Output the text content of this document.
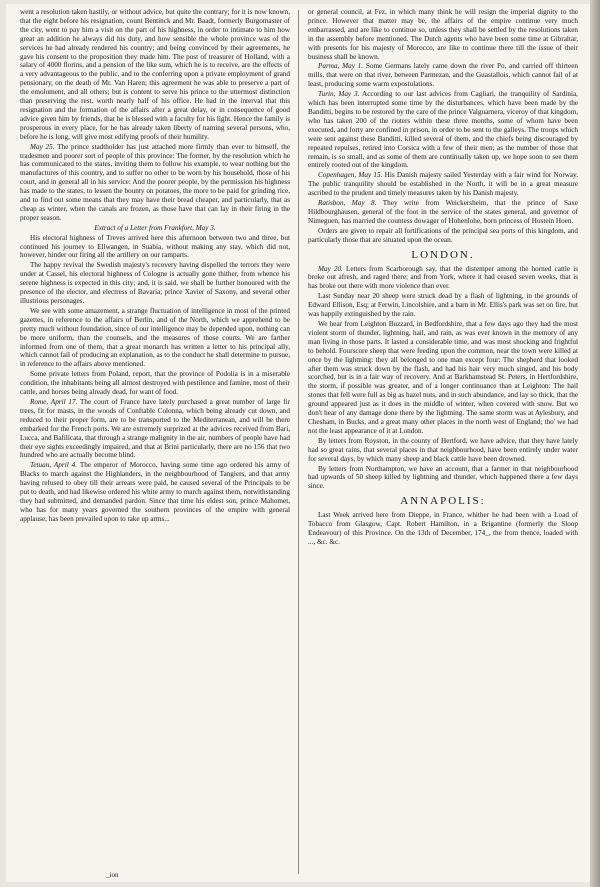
went a resolution taken hastily, or without advice, but quite the contrary; for it is now known, that the eight before his resignation, count Bentinck and Mr. Baadt, formerly Burgomaster of the city, went to pay him a visit on the part of his highness, in order to intimate to him how great an addition he always did his duty, and how sensible the whole province was of the services he had already rendered his country; and being convinced by their agreements, he gave his consent to the proposition they made him. The post of treasurer of Holland, with a salary of 4000 florins, and a pension of the like sum, which he is to receive, are the effects of a very advantageous to the public, and to the conferring upon a private employment of grand pensionary, on the death of Mr. Van Haren; this agreement he was able to preserve a part of the emolument, and all others; but is content to serve his prince to the uttermost distinction than preserving the rest, worth nearly half of his office. He had in the interval that this resignation and the formation of the affairs after a great delay, or in consequence of good advice given him by friends, that he is blessed with a faculty for his light. Hence the family is prosperous in every place, for he has already taken liberty of naming several persons, who, before he is long, will give most edifying proofs of their humility.

May 25. The prince stadtholder has just attached more firmly than ever to himself, the tradesmen and poorer sort of people of this province: The former, by the resolution which he has communicated to the states, inviting them to follow his example, to wear nothing but the manufactures of this country, and to suffer no other to be worn by his household, those of his court, and in general all in his service: And the poorer people, by the permission his highness has made to the states, to lessen the bounty on potatoes, the more to be paid for grinding rice, and to find out some means that they may have their bread cheaper, and particularly, that as cheap as winter, when the canals are frozen, as those have that can lay in their firing in the proper season.

Extract of a Letter from Frankfort, May 3.

His electoral highness of Treves arrived here this afternoon between two and three, but continued his journey to Ellwangen, in Suabia, without making any stay, which did not, however, hinder our firing all the artillery on our ramparts.

The happy revival the Swedish majesty's recovery having dispelled the terrors they were under at Cassel, his electoral highness of Cologne is actually gone thither, from whence his serene highness is expected in this city; and, it is said, we shall be further honoured with the presence of the elector, and electress of Bavaria; prince Xavier of Saxony, and several other illustrious personages.

We see with some amazement, a strange fluctuation of intelligence in most of the printed gazettes, in reference to the affairs of Berlin, and of the North, which we apprehend to be pretty much without foundation, since of our intelligence may be depended upon, nothing can be more uniform, than the counsels, and the measures of those courts. We are farther informed from one of them, that a great monarch has written a letter to his principal ally, which cannot fail of producing an explanation, as to the conduct he shall determine to pursue, in reference to the affairs above mentioned.

Some private letters from Poland, report, that the province of Podolia is in a miserable condition, the inhabitants being all almost destroyed with pestilence and famine, most of their cattle, and horses being already dead, for want of food.

Rome, April 17. The court of France have lately purchased a great number of large fir trees, fit for masts, in the woods of Conftable Colonna, which being already cut down, and reduced to their proper form, are to be transported to the Mediterranean, and will be there embarked for the French ports. We are extremely surprized at the advices received from Bari, Lucca, and Bafilicata, that through a strange malignity in the air, numbers of people have had their eye sights exceedingly impaired, and that at Brini particularly, there are no 156 that two hundred who are actually become blind.

Tetuan, April 4. The emperor of Morocco, having some time ago ordered his army of Blacks to march against the Highlanders, in the neighbourhood of Tangiers, and that army having refused to obey till their arrears were paid, he caused several of the Principals to be put to death, and had likewise ordered his white army to march against them, notwithstanding they had submitted, and demanded pardon. Since that time his eldest son, prince Mahomet, who has for many years governed the southern provinces of the empire with general applause, has been prevailed upon to take up arms...

or general council, at Fez, in which many think he will resign the imperial dignity to the prince. However that matter may be, the affairs of the empire continue very much embarrassed, and are like to continue so, unless they shall be settled by the resolutions taken in the assembly before mentioned. The Dutch agents who have been some time at Gibraltar, with presents for his majesty of Morocco, are like to continue there till the issue of their business shall be known.

Parma, May 1. Some Germans lately came down the river Po, and carried off thirteen mills, that were on that river, between Parmezan, and the Guastallois, which cannot fail of at least, producing some warm expostulations.

Turin, May 3. According to our last advices from Cagliari, the tranquility of Sardinia, which has been interrupted some time by the disturbances, which have been made by the Banditti, begins to be restored by the care of the prince Valguarnera, viceroy of that kingdom, who has taken 200 of the rioters within these three months, some of whom have been executed, and forty are confined in prison, in order to be sent to the galleys. The troops which were sent against these Banditti, killed several of them, and the chiefs being discouraged by repeated repulses, retired into Corsica with a few of their men; as the number of those that remain, is so small, and as some of them are continually taken up, we hope soon to see them entirely rooted out of the kingdom.

Copenhagen, May 15. His Danish majesty sailed Yesterday with a fair wind for Norway. The public tranquility should be established in the North, it will be in a great measure ascribed to the prudent and timely measures taken by his Danish majesty.

Ratisbon, May 8. They write from Weickersheim, that the prince of Saxe Hildbourghausen, general of the foot in the service of the states general, and governor of Nimeguen, has married the countess dowager of Hohenlohe, born princess of Hostein Hoen.

Orders are given to repair all fortifications of the principal sea ports of this kingdom, and particularly those that are situated upon the ocean.

LONDON.

May 20. Letters from Scarborough say, that the distemper among the horned cattle is broke out afresh, and raged there; and from York, where it had ceased seven weeks, that is has broke out there with more violence than ever.

Last Sunday near 20 sheep were struck dead by a flash of lightning, in the grounds of Edward Ellison, Esq; at Ferwin, Lincolshire, and a barn in Mr. Ellis's park was set on fire, but was happily extinguished by the rain.

We hear from Leighton Buzzard, in Bedfordshire, that a few days ago they had the most violent storm of thunder, lightning, hail, and rain, as was ever known in the memory of any man living in those parts. It lasted a considerable time, and was most shocking and frightful to behold. Fourscore sheep that were feeding upon the common, near the town were killed at once by the lightning: they all belonged to one man except four: The shepherd that looked after them was struck down by the flash, and had his hair very much singed, and his body scorched, but is in a fair way of recovery. And at Barkhamstead St. Peters, in Hertfordshire, the storm, if possible was greater, and of a longer continuance than at Leighton: The hail stones that fell were full as big as hazel nuts, and in such abundance, and lay so thick, that the ground appeared just as it does in the middle of winter, when covered with snow. But we don't hear of any damage done there by the lightning. The same storm was at Aylesbury, and Chesham, in Bucks, and a great many other places in the north west of England; tho' we had not the least appearance of it at London.

By letters from Royston, in the county of Hertford, we have advice, that they have lately had so great rains, that several places in that neighbourhood, have been entirely under water for several days, by which many sheep and black cattle have been drowned.

By letters from Northampton, we have an account, that a farmer in that neighbourhood had upwards of 50 sheep killed by lightning and thunder, which happened there a few days since.

ANNAPOLIS:

Last Week arrived here from Dieppe, in France, whither he had been with a Load of Tobacco from Glasgow, Capt. Robert Hamilton, in a Brigantine (formerly the Sloop Endeavour) of this Province. On the 13th of December, 174_, the from thence, loaded with ..., &c. &c.

_ion
